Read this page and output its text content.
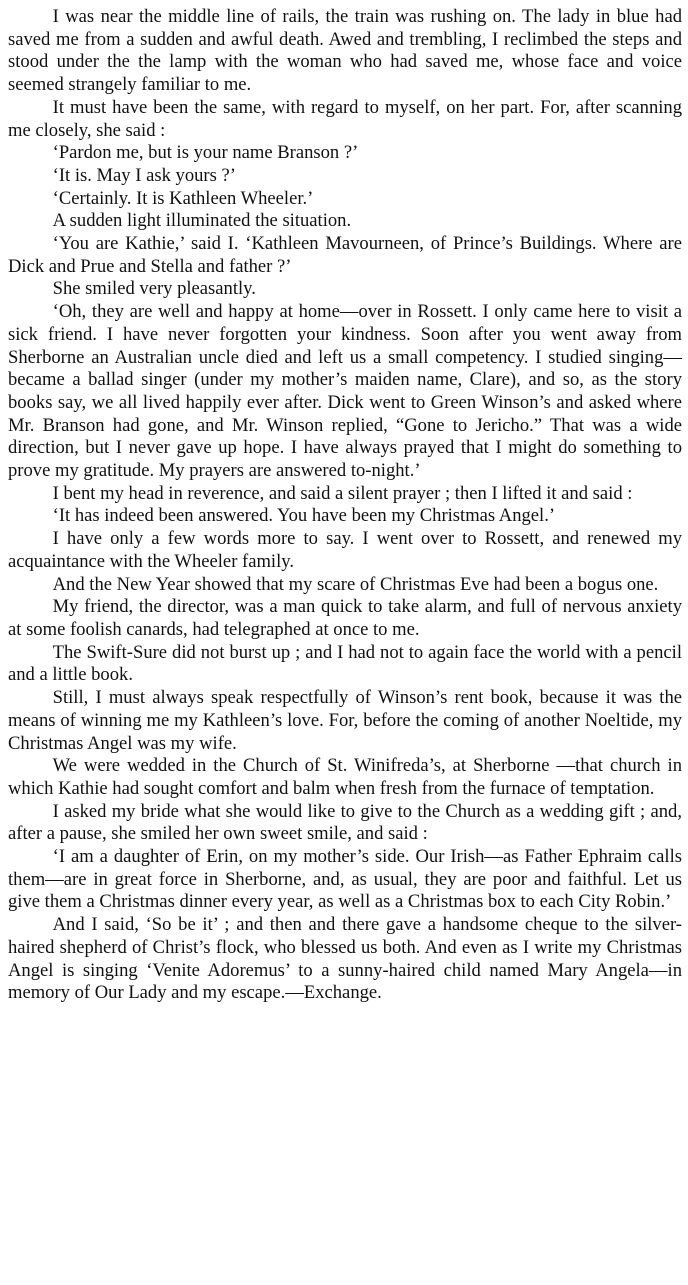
I was near the middle line of rails, the train was rushing on. The lady in blue had saved me from a sudden and awful death. Awed and trembling, I reclimbed the steps and stood under the the lamp with the woman who had saved me, whose face and voice seemed strangely familiar to me.

It must have been the same, with regard to myself, on her part. For, after scanning me closely, she said :

‘Pardon me, but is your name Branson ?’

‘It is. May I ask yours ?’

‘Certainly. It is Kathleen Wheeler.’

A sudden light illuminated the situation.

‘You are Kathie,’ said I. ‘Kathleen Mavourneen, of Prince’s Buildings. Where are Dick and Prue and Stella and father ?’

She smiled very pleasantly.

‘Oh, they are well and happy at home—over in Rossett. I only came here to visit a sick friend. I have never forgotten your kindness. Soon after you went away from Sherborne an Australian uncle died and left us a small competency. I studied singing—became a ballad singer (under my mother’s maiden name, Clare), and so, as the story books say, we all lived happily ever after. Dick went to Green Winson’s and asked where Mr. Branson had gone, and Mr. Winson replied, “Gone to Jericho.” That was a wide direction, but I never gave up hope. I have always prayed that I might do something to prove my gratitude. My prayers are answered to-night.’

I bent my head in reverence, and said a silent prayer ; then I lifted it and said :

‘It has indeed been answered. You have been my Christmas Angel.’

I have only a few words more to say. I went over to Rossett, and renewed my acquaintance with the Wheeler family.

And the New Year showed that my scare of Christmas Eve had been a bogus one.

My friend, the director, was a man quick to take alarm, and full of nervous anxiety at some foolish canards, had telegraphed at once to me.

The Swift-Sure did not burst up ; and I had not to again face the world with a pencil and a little book.

Still, I must always speak respectfully of Winson’s rent book, because it was the means of winning me my Kathleen’s love. For, before the coming of another Noeltide, my Christmas Angel was my wife.

We were wedded in the Church of St. Winifreda’s, at Sherborne —that church in which Kathie had sought comfort and balm when fresh from the furnace of temptation.

I asked my bride what she would like to give to the Church as a wedding gift ; and, after a pause, she smiled her own sweet smile, and said :

‘I am a daughter of Erin, on my mother’s side. Our Irish—as Father Ephraim calls them—are in great force in Sherborne, and, as usual, they are poor and faithful. Let us give them a Christmas dinner every year, as well as a Christmas box to each City Robin.’

And I said, ‘So be it’ ; and then and there gave a handsome cheque to the silver-haired shepherd of Christ’s flock, who blessed us both. And even as I write my Christmas Angel is singing ‘Venite Adoremus’ to a sunny-haired child named Mary Angela—in memory of Our Lady and my escape.—Exchange.
